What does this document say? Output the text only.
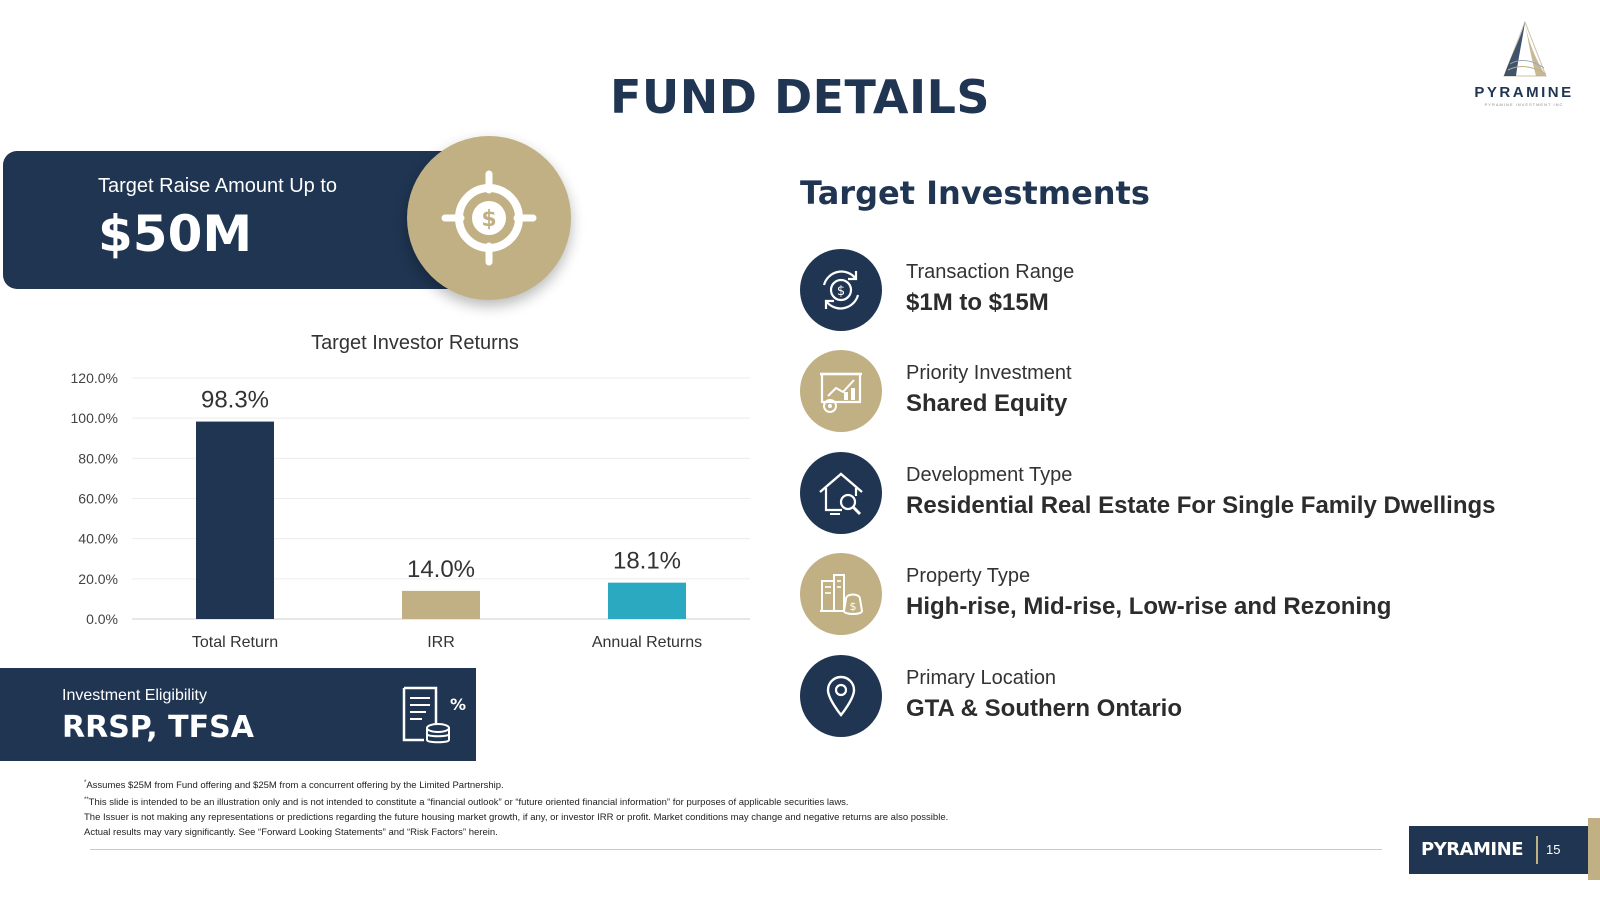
FUND DETAILS	PYRAMINE
PYRAMINE INVESTMENT INC
Target Raise Amount Up to
$50M	$
Target Investor Returns
0.0%
20.0%
40.0%
60.0%
80.0%
100.0%
120.0%
98.3%
Total Return
14.0%
IRR
18.1%
Annual Returns
Investment Eligibility
RRSP, TFSA
%
Target Investments
$
Transaction Range
$1M to $15M
Priority Investment
Shared Equity
Development Type
Residential Real Estate For Single Family Dwellings
$
Property Type
High-rise, Mid-rise, Low-rise and Rezoning
Primary Location
GTA & Southern Ontario
*Assumes $25M from Fund offering and $25M from a concurrent offering by the Limited Partnership.
**This slide is intended to be an illustration only and is not intended to constitute a “financial outlook” or “future oriented financial information” for purposes of applicable securities laws.
The Issuer is not making any representations or predictions regarding the future housing market growth, if any, or investor IRR or profit. Market conditions may change and negative returns are also possible.
Actual results may vary significantly. See “Forward Looking Statements” and “Risk Factors” herein.
PYRAMINE 15
